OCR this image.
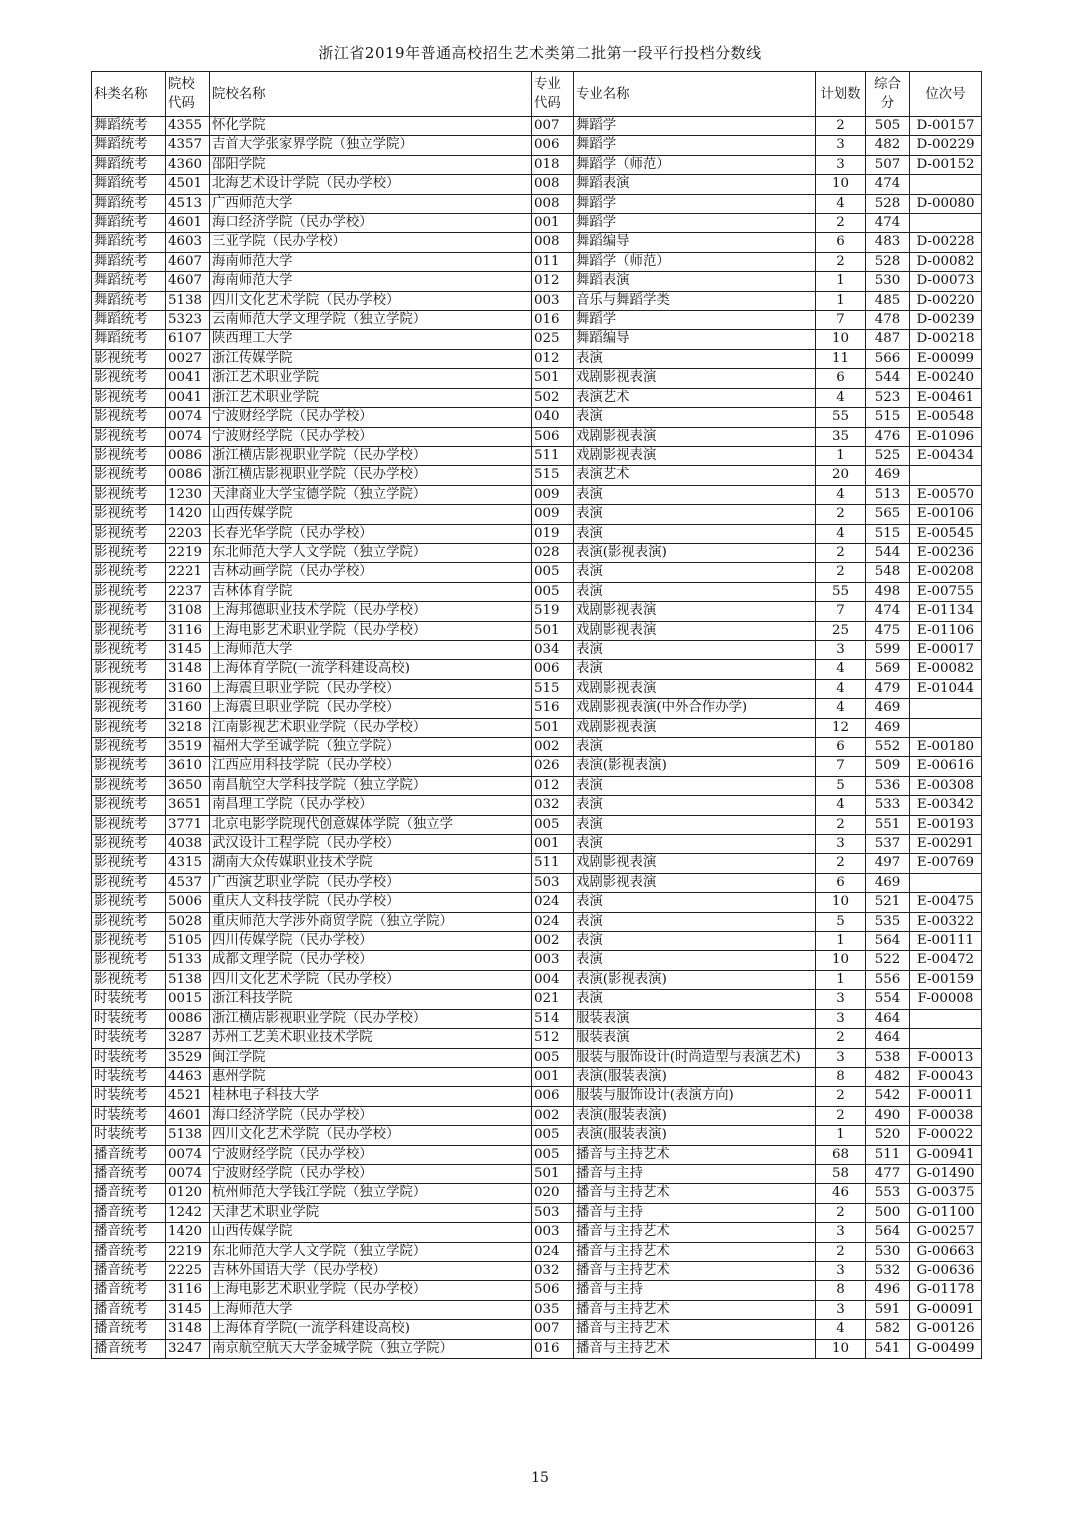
浙江省2019年普通高校招生艺术类第二批第一段平行投档分数线
科类名称	院校代码	院校名称	专业代码	专业名称	计划数	综合分	位次号
舞蹈统考	4355	怀化学院	007	舞蹈学	2	505	D-00157
舞蹈统考	4357	吉首大学张家界学院（独立学院）	006	舞蹈学	3	482	D-00229
舞蹈统考	4360	邵阳学院	018	舞蹈学（师范）	3	507	D-00152
舞蹈统考	4501	北海艺术设计学院（民办学校）	008	舞蹈表演	10	474	
舞蹈统考	4513	广西师范大学	008	舞蹈学	4	528	D-00080
舞蹈统考	4601	海口经济学院（民办学校）	001	舞蹈学	2	474	
舞蹈统考	4603	三亚学院（民办学校）	008	舞蹈编导	6	483	D-00228
舞蹈统考	4607	海南师范大学	011	舞蹈学（师范）	2	528	D-00082
舞蹈统考	4607	海南师范大学	012	舞蹈表演	1	530	D-00073
舞蹈统考	5138	四川文化艺术学院（民办学校）	003	音乐与舞蹈学类	1	485	D-00220
舞蹈统考	5323	云南师范大学文理学院（独立学院）	016	舞蹈学	7	478	D-00239
舞蹈统考	6107	陕西理工大学	025	舞蹈编导	10	487	D-00218
影视统考	0027	浙江传媒学院	012	表演	11	566	E-00099
影视统考	0041	浙江艺术职业学院	501	戏剧影视表演	6	544	E-00240
影视统考	0041	浙江艺术职业学院	502	表演艺术	4	523	E-00461
影视统考	0074	宁波财经学院（民办学校）	040	表演	55	515	E-00548
影视统考	0074	宁波财经学院（民办学校）	506	戏剧影视表演	35	476	E-01096
影视统考	0086	浙江横店影视职业学院（民办学校）	511	戏剧影视表演	1	525	E-00434
影视统考	0086	浙江横店影视职业学院（民办学校）	515	表演艺术	20	469	
影视统考	1230	天津商业大学宝德学院（独立学院）	009	表演	4	513	E-00570
影视统考	1420	山西传媒学院	009	表演	2	565	E-00106
影视统考	2203	长春光华学院（民办学校）	019	表演	4	515	E-00545
影视统考	2219	东北师范大学人文学院（独立学院）	028	表演(影视表演)	2	544	E-00236
影视统考	2221	吉林动画学院（民办学校）	005	表演	2	548	E-00208
影视统考	2237	吉林体育学院	005	表演	55	498	E-00755
影视统考	3108	上海邦德职业技术学院（民办学校）	519	戏剧影视表演	7	474	E-01134
影视统考	3116	上海电影艺术职业学院（民办学校）	501	戏剧影视表演	25	475	E-01106
影视统考	3145	上海师范大学	034	表演	3	599	E-00017
影视统考	3148	上海体育学院(一流学科建设高校)	006	表演	4	569	E-00082
影视统考	3160	上海震旦职业学院（民办学校）	515	戏剧影视表演	4	479	E-01044
影视统考	3160	上海震旦职业学院（民办学校）	516	戏剧影视表演(中外合作办学)	4	469	
影视统考	3218	江南影视艺术职业学院（民办学校）	501	戏剧影视表演	12	469	
影视统考	3519	福州大学至诚学院（独立学院）	002	表演	6	552	E-00180
影视统考	3610	江西应用科技学院（民办学校）	026	表演(影视表演)	7	509	E-00616
影视统考	3650	南昌航空大学科技学院（独立学院）	012	表演	5	536	E-00308
影视统考	3651	南昌理工学院（民办学校）	032	表演	4	533	E-00342
影视统考	3771	北京电影学院现代创意媒体学院（独立学	005	表演	2	551	E-00193
影视统考	4038	武汉设计工程学院（民办学校）	001	表演	3	537	E-00291
影视统考	4315	湖南大众传媒职业技术学院	511	戏剧影视表演	2	497	E-00769
影视统考	4537	广西演艺职业学院（民办学校）	503	戏剧影视表演	6	469	
影视统考	5006	重庆人文科技学院（民办学校）	024	表演	10	521	E-00475
影视统考	5028	重庆师范大学涉外商贸学院（独立学院）	024	表演	5	535	E-00322
影视统考	5105	四川传媒学院（民办学校）	002	表演	1	564	E-00111
影视统考	5133	成都文理学院（民办学校）	003	表演	10	522	E-00472
影视统考	5138	四川文化艺术学院（民办学校）	004	表演(影视表演)	1	556	E-00159
时装统考	0015	浙江科技学院	021	表演	3	554	F-00008
时装统考	0086	浙江横店影视职业学院（民办学校）	514	服装表演	3	464	
时装统考	3287	苏州工艺美术职业技术学院	512	服装表演	2	464	
时装统考	3529	闽江学院	005	服装与服饰设计(时尚造型与表演艺术)	3	538	F-00013
时装统考	4463	惠州学院	001	表演(服装表演)	8	482	F-00043
时装统考	4521	桂林电子科技大学	006	服装与服饰设计(表演方向)	2	542	F-00011
时装统考	4601	海口经济学院（民办学校）	002	表演(服装表演)	2	490	F-00038
时装统考	5138	四川文化艺术学院（民办学校）	005	表演(服装表演)	1	520	F-00022
播音统考	0074	宁波财经学院（民办学校）	005	播音与主持艺术	68	511	G-00941
播音统考	0074	宁波财经学院（民办学校）	501	播音与主持	58	477	G-01490
播音统考	0120	杭州师范大学钱江学院（独立学院）	020	播音与主持艺术	46	553	G-00375
播音统考	1242	天津艺术职业学院	503	播音与主持	2	500	G-01100
播音统考	1420	山西传媒学院	003	播音与主持艺术	3	564	G-00257
播音统考	2219	东北师范大学人文学院（独立学院）	024	播音与主持艺术	2	530	G-00663
播音统考	2225	吉林外国语大学（民办学校）	032	播音与主持艺术	3	532	G-00636
播音统考	3116	上海电影艺术职业学院（民办学校）	506	播音与主持	8	496	G-01178
播音统考	3145	上海师范大学	035	播音与主持艺术	3	591	G-00091
播音统考	3148	上海体育学院(一流学科建设高校)	007	播音与主持艺术	4	582	G-00126
播音统考	3247	南京航空航天大学金城学院（独立学院）	016	播音与主持艺术	10	541	G-00499
15
